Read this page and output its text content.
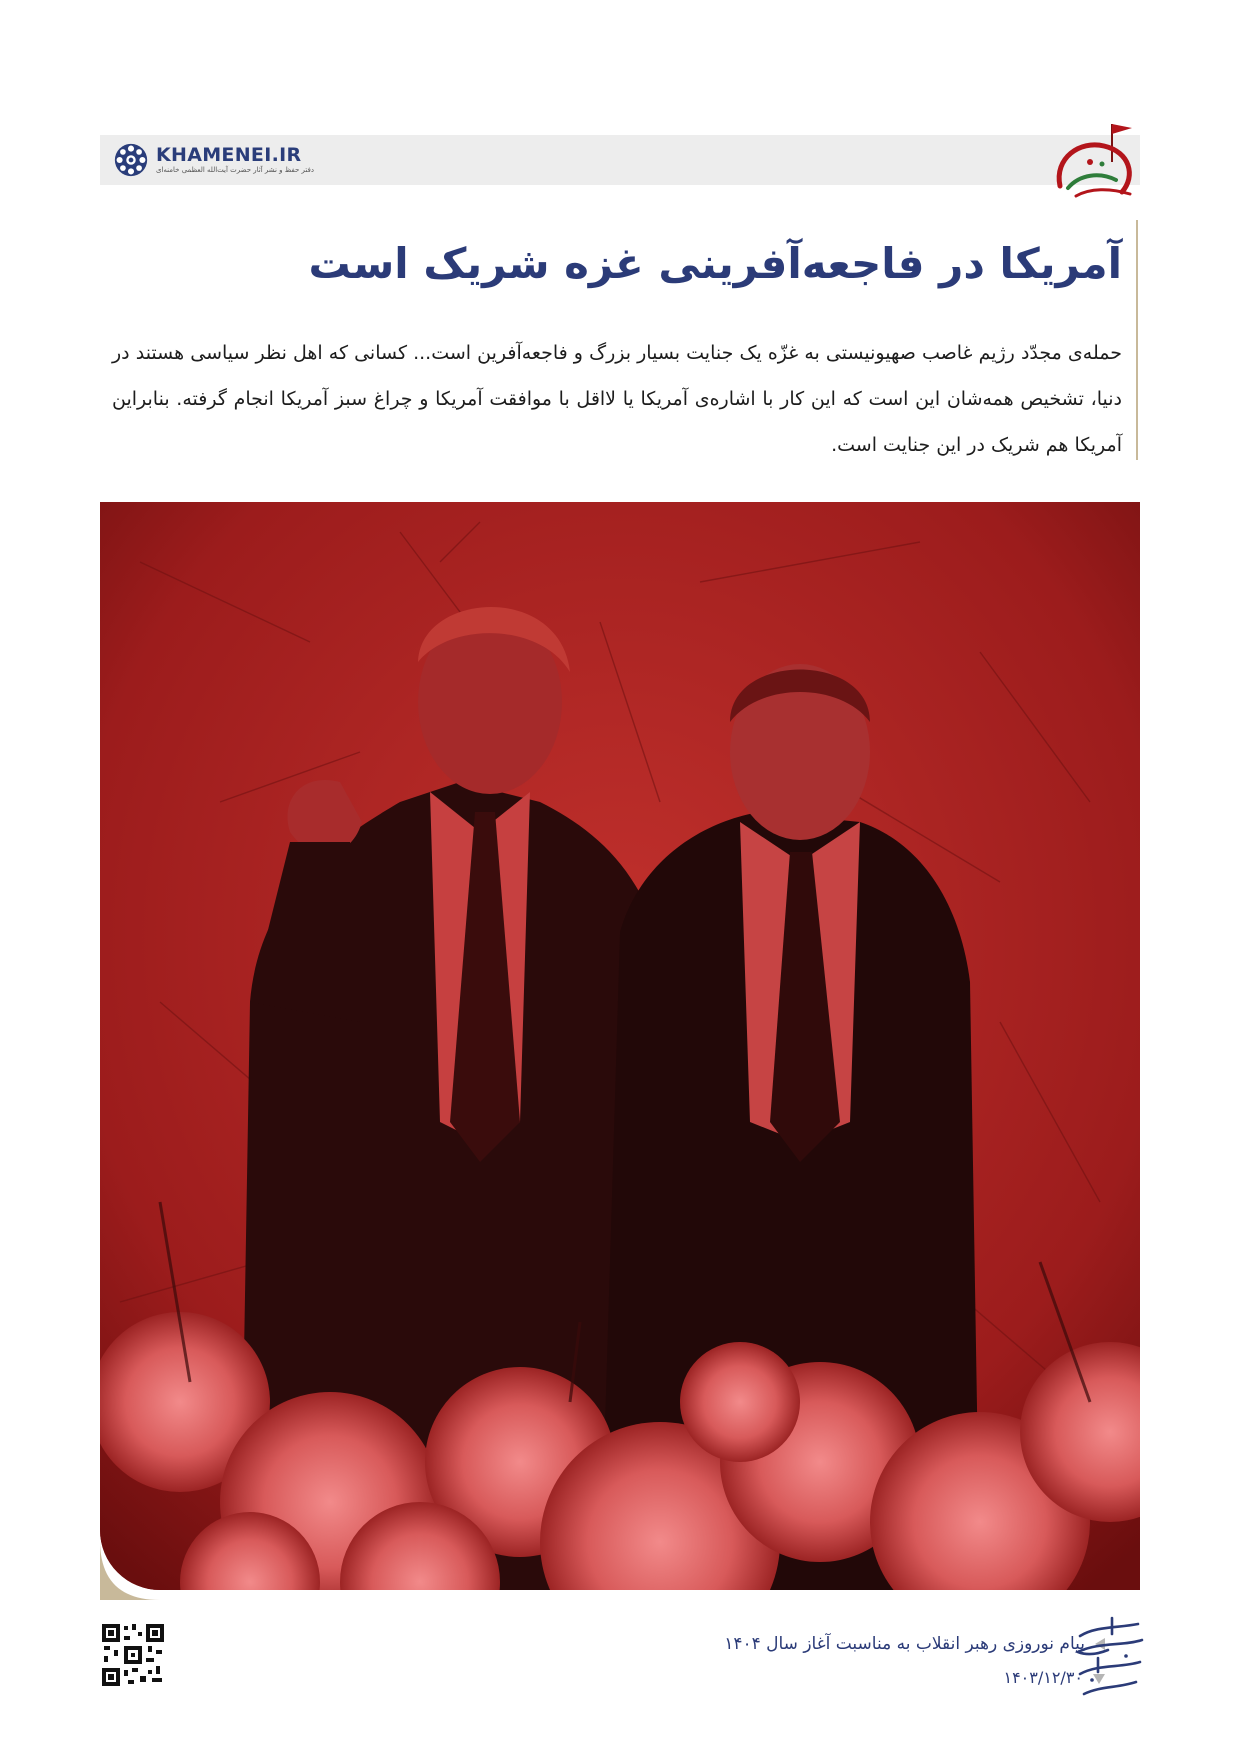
KHAMENEI.IR
دفتر حفظ و نشر آثار حضرت آیت‌الله العظمی خامنه‌ای
آمریکا در فاجعه‌آفرینی غزه شریک است

حمله‌ی مجدّد رژیم غاصب صهیونیستی به غزّه یک جنایت بسیار بزرگ و فاجعه‌آفرین است... کسانی که اهل نظر سیاسی هستند در دنیا، تشخیص همه‌شان این است که این کار با اشاره‌ی آمریکا یا لااقل با موافقت آمریکا و چراغ سبز آمریکا انجام گرفته. بنابراین آمریکا هم شریک در این جنایت است.

پیام نوروزی رهبر انقلاب به مناسبت آغاز سال ۱۴۰۴

۱۴۰۳/۱۲/۳۰
